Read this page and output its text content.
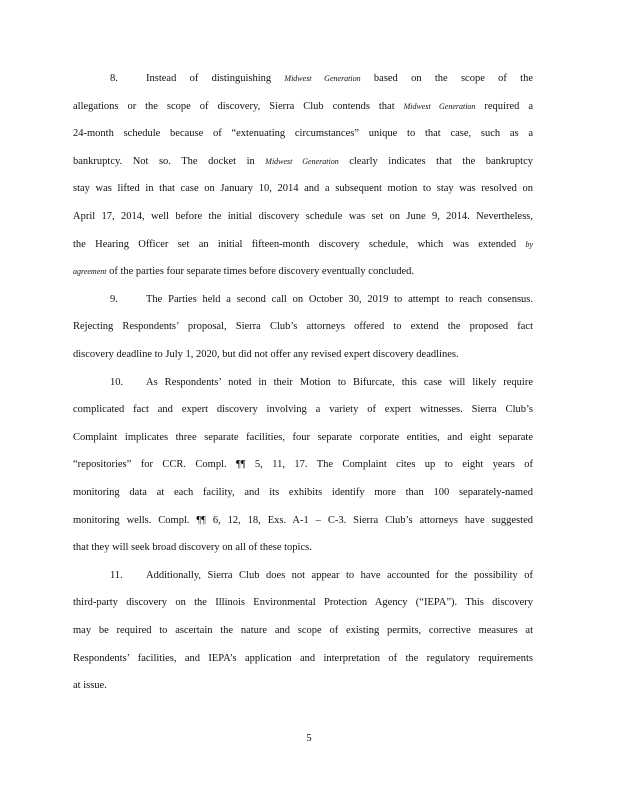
8.	Instead of distinguishing Midwest Generation based on the scope of the
allegations or the scope of discovery, Sierra Club contends that Midwest Generation required a
24-month schedule because of “extenuating circumstances” unique to that case, such as a
bankruptcy. Not so. The docket in Midwest Generation clearly indicates that the bankruptcy
stay was lifted in that case on January 10, 2014 and a subsequent motion to stay was resolved on
April 17, 2014, well before the initial discovery schedule was set on June 9, 2014. Nevertheless,
the Hearing Officer set an initial fifteen-month discovery schedule, which was extended by
agreement of the parties four separate times before discovery eventually concluded.
9.	The Parties held a second call on October 30, 2019 to attempt to reach consensus.
Rejecting Respondents’ proposal, Sierra Club’s attorneys offered to extend the proposed fact
discovery deadline to July 1, 2020, but did not offer any revised expert discovery deadlines.
10. As Respondents’ noted in their Motion to Bifurcate, this case will likely require
complicated fact and expert discovery involving a variety of expert witnesses. Sierra Club’s
Complaint implicates three separate facilities, four separate corporate entities, and eight separate
“repositories” for CCR. Compl. ¶¶ 5, 11, 17. The Complaint cites up to eight years of
monitoring data at each facility, and its exhibits identify more than 100 separately-named
monitoring wells. Compl. ¶¶ 6, 12, 18, Exs. A-1 – C-3. Sierra Club’s attorneys have suggested
that they will seek broad discovery on all of these topics.
11. Additionally, Sierra Club does not appear to have accounted for the possibility of
third-party discovery on the Illinois Environmental Protection Agency (“IEPA”). This discovery
may be required to ascertain the nature and scope of existing permits, corrective measures at
Respondents’ facilities, and IEPA’s application and interpretation of the regulatory requirements
at issue.
5
